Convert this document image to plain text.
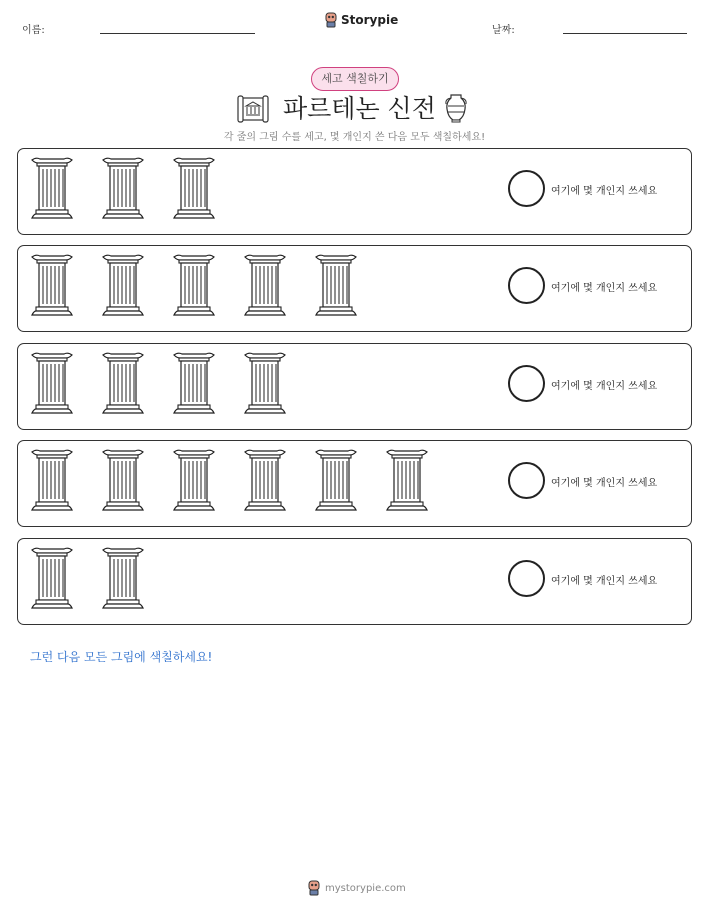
이름:
Storypie
날짜:
세고 색칠하기
파르테논 신전
각 줄의 그림 수를 세고, 몇 개인지 쓴 다음 모두 색칠하세요!
여기에 몇 개인지 쓰세요
여기에 몇 개인지 쓰세요
여기에 몇 개인지 쓰세요
여기에 몇 개인지 쓰세요
여기에 몇 개인지 쓰세요
그런 다음 모든 그림에 색칠하세요!
mystorypie.com
